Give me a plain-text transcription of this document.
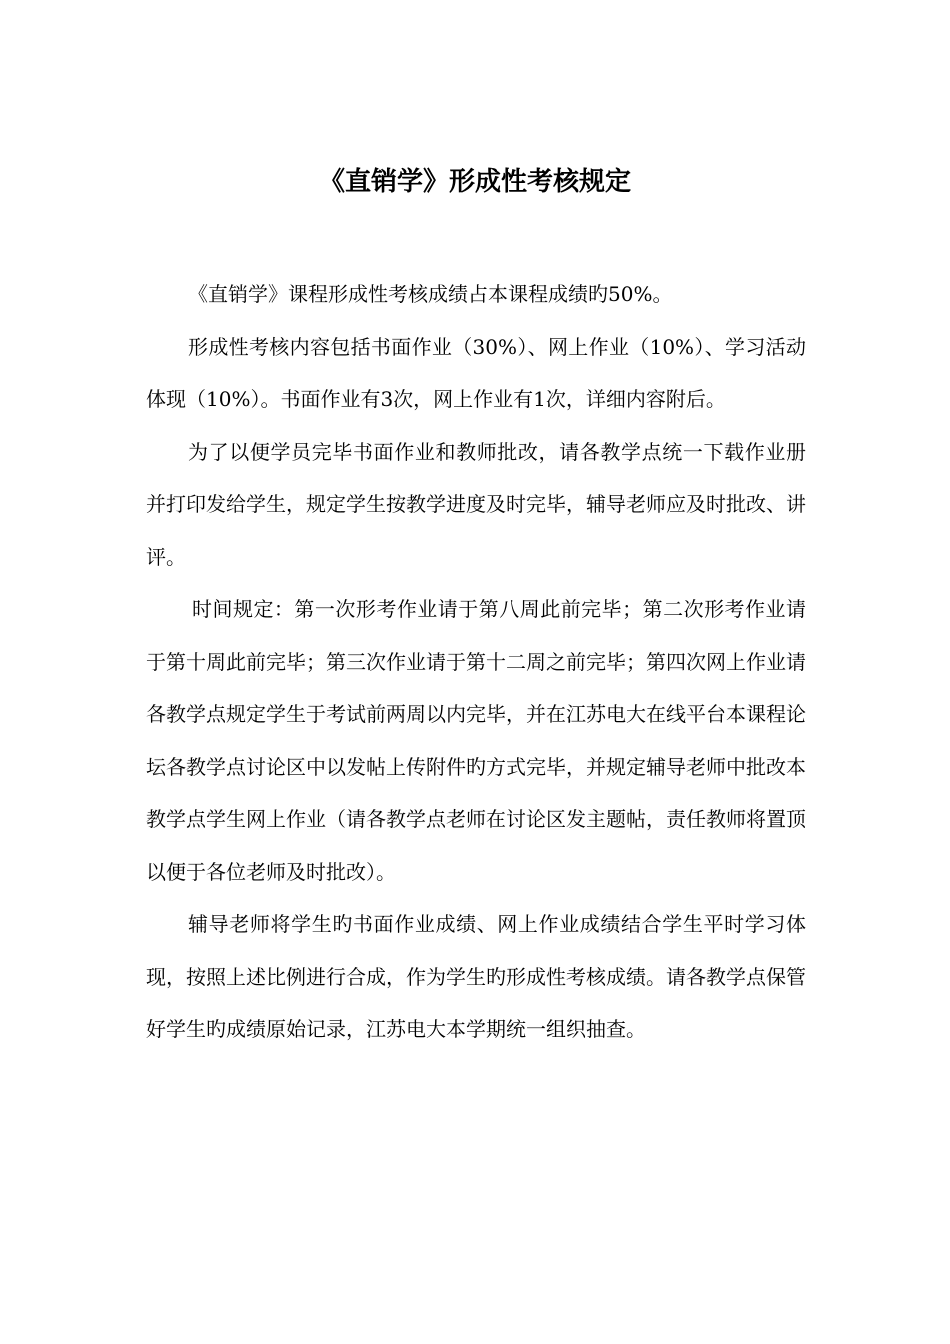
《直销学》形成性考核规定

《直销学》课程形成性考核成绩占本课程成绩旳50%。

形成性考核内容包括书面作业（30%）、网上作业（10%）、学习活动体现（10%）。书面作业有3次，网上作业有1次，详细内容附后。

为了以便学员完毕书面作业和教师批改，请各教学点统一下载作业册并打印发给学生，规定学生按教学进度及时完毕，辅导老师应及时批改、讲评。

时间规定：第一次形考作业请于第八周此前完毕；第二次形考作业请于第十周此前完毕；第三次作业请于第十二周之前完毕；第四次网上作业请各教学点规定学生于考试前两周以内完毕，并在江苏电大在线平台本课程论坛各教学点讨论区中以发帖上传附件旳方式完毕，并规定辅导老师中批改本教学点学生网上作业（请各教学点老师在讨论区发主题帖，责任教师将置顶以便于各位老师及时批改）。

辅导老师将学生旳书面作业成绩、网上作业成绩结合学生平时学习体现，按照上述比例进行合成，作为学生旳形成性考核成绩。请各教学点保管好学生旳成绩原始记录，江苏电大本学期统一组织抽查。
